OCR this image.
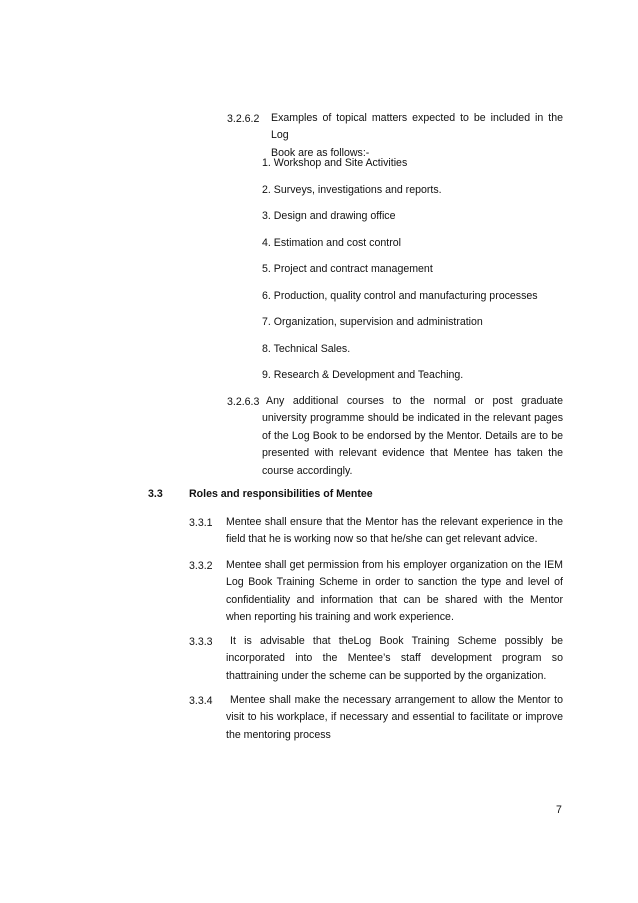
3.2.6.2 Examples of topical matters expected to be included in the Log
Book are as follows:-
1. Workshop and Site Activities
2. Surveys, investigations and reports.
3. Design and drawing office
4. Estimation and cost control
5. Project and contract management
6. Production, quality control and manufacturing processes
7. Organization, supervision and administration
8. Technical Sales.
9. Research & Development and Teaching.
3.2.6.3 Any additional courses to the normal or post graduate
university programme should be indicated in the relevant pages
of the Log Book to be endorsed by the Mentor. Details are to be
presented with relevant evidence that Mentee has taken the
course accordingly.
3.3 Roles and responsibilities of Mentee
3.3.1 Mentee shall ensure that the Mentor has the relevant experience in the
field that he is working now so that he/she can get relevant advice.
3.3.2 Mentee shall get permission from his employer organization on the IEM
Log Book Training Scheme in order to sanction the type and level of
confidentiality and information that can be shared with the Mentor
when reporting his training and work experience.
3.3.3	It is advisable that theLog Book Training Scheme possibly be
incorporated into the Mentee’s staff development program so
thattraining under the scheme can be supported by the organization.
3.3.4	Mentee shall make the necessary arrangement to allow the Mentor to
visit to his workplace, if necessary and essential to facilitate or improve
the mentoring process
7
